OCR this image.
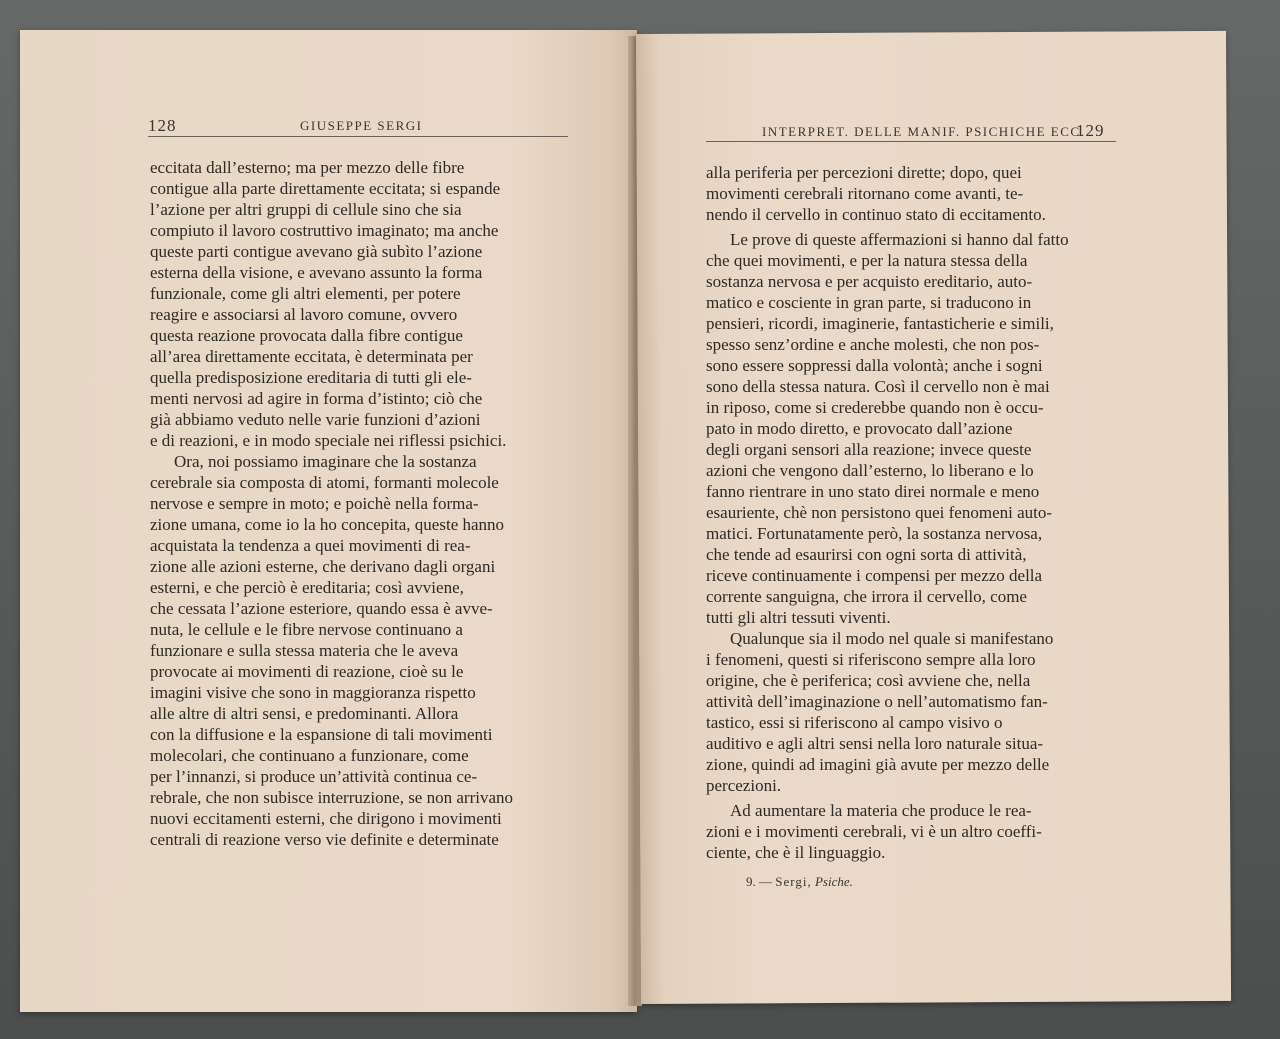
128	GIUSEPPE SERGI
eccitata dall’esterno; ma per mezzo delle fibre
contigue alla parte direttamente eccitata; si espande
l’azione per altri gruppi di cellule sino che sia
compiuto il lavoro costruttivo imaginato; ma anche
queste parti contigue avevano già subìto l’azione
esterna della visione, e avevano assunto la forma
funzionale, come gli altri elementi, per potere
reagire e associarsi al lavoro comune, ovvero
questa reazione provocata dalla fibre contigue
all’area direttamente eccitata, è determinata per
quella predisposizione ereditaria di tutti gli ele-
menti nervosi ad agire in forma d’istinto; ciò che
già abbiamo veduto nelle varie funzioni d’azioni
e di reazioni, e in modo speciale nei riflessi psichici.
Ora, noi possiamo imaginare che la sostanza
cerebrale sia composta di atomi, formanti molecole
nervose e sempre in moto; e poichè nella forma-
zione umana, come io la ho concepita, queste hanno
acquistata la tendenza a quei movimenti di rea-
zione alle azioni esterne, che derivano dagli organi
esterni, e che perciò è ereditaria; così avviene,
che cessata l’azione esteriore, quando essa è avve-
nuta, le cellule e le fibre nervose continuano a
funzionare e sulla stessa materia che le aveva
provocate ai movimenti di reazione, cioè su le
imagini visive che sono in maggioranza rispetto
alle altre di altri sensi, e predominanti. Allora
con la diffusione e la espansione di tali movimenti
molecolari, che continuano a funzionare, come
per l’innanzi, si produce un’attività continua ce-
rebrale, che non subisce interruzione, se non arrivano
nuovi eccitamenti esterni, che dirigono i movimenti
centrali di reazione verso vie definite e determinate
INTERPRET. DELLE MANIF. PSICHICHE ECC.
129
alla periferia per percezioni dirette; dopo, quei
movimenti cerebrali ritornano come avanti, te-
nendo il cervello in continuo stato di eccitamento.
Le prove di queste affermazioni si hanno dal fatto
che quei movimenti, e per la natura stessa della
sostanza nervosa e per acquisto ereditario, auto-
matico e cosciente in gran parte, si traducono in
pensieri, ricordi, imaginerie, fantasticherie e simili,
spesso senz’ordine e anche molesti, che non pos-
sono essere soppressi dalla volontà; anche i sogni
sono della stessa natura. Così il cervello non è mai
in riposo, come si crederebbe quando non è occu-
pato in modo diretto, e provocato dall’azione
degli organi sensori alla reazione; invece queste
azioni che vengono dall’esterno, lo liberano e lo
fanno rientrare in uno stato direi normale e meno
esauriente, chè non persistono quei fenomeni auto-
matici. Fortunatamente però, la sostanza nervosa,
che tende ad esaurirsi con ogni sorta di attività,
riceve continuamente i compensi per mezzo della
corrente sanguigna, che irrora il cervello, come
tutti gli altri tessuti viventi.
Qualunque sia il modo nel quale si manifestano
i fenomeni, questi si riferiscono sempre alla loro
origine, che è periferica; così avviene che, nella
attività dell’imaginazione o nell’automatismo fan-
tastico, essi si riferiscono al campo visivo o
auditivo e agli altri sensi nella loro naturale situa-
zione, quindi ad imagini già avute per mezzo delle
percezioni.
Ad aumentare la materia che produce le rea-
zioni e i movimenti cerebrali, vi è un altro coeffi-
ciente, che è il linguaggio.
9. — Sergi, Psiche.
